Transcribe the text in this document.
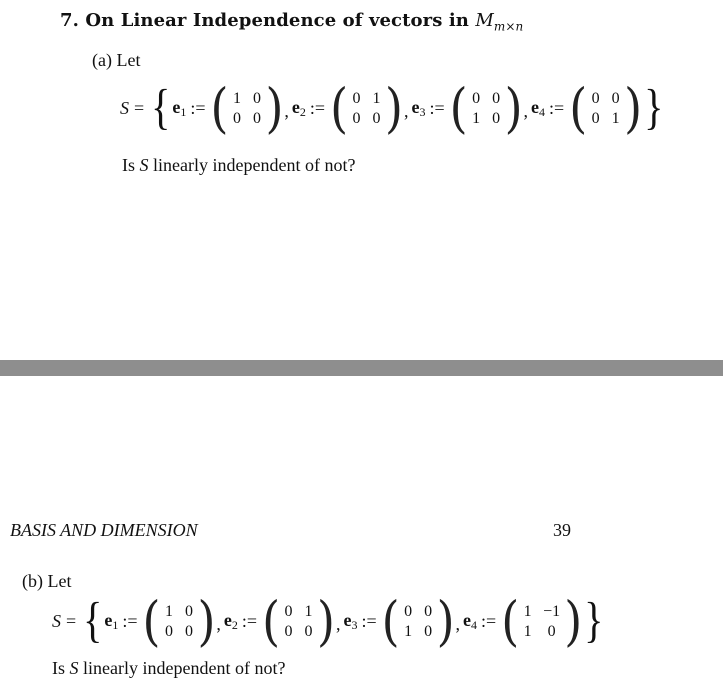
7. On Linear Independence of vectors in $M_{m\times n}$
(a) Let
S = { $e_1$ := ( 1 0
0 0 ) , $e_2$ := ( 0 1
0 0 ) , $e_3$ := ( 0 0
1 0 ) , $e_4$ := ( 0 0
0 1 ) }
Is S linearly independent of not?
BASIS AND DIMENSION	39
(b) Let
S = { $e_1$ := ( 1 0
0 0 ) , $e_2$ := ( 0 1
0 0 ) , $e_3$ := ( 0 0
1 0 ) , $e_4$ := ( 1 −1
1 0 ) }
Is S linearly independent of not?
